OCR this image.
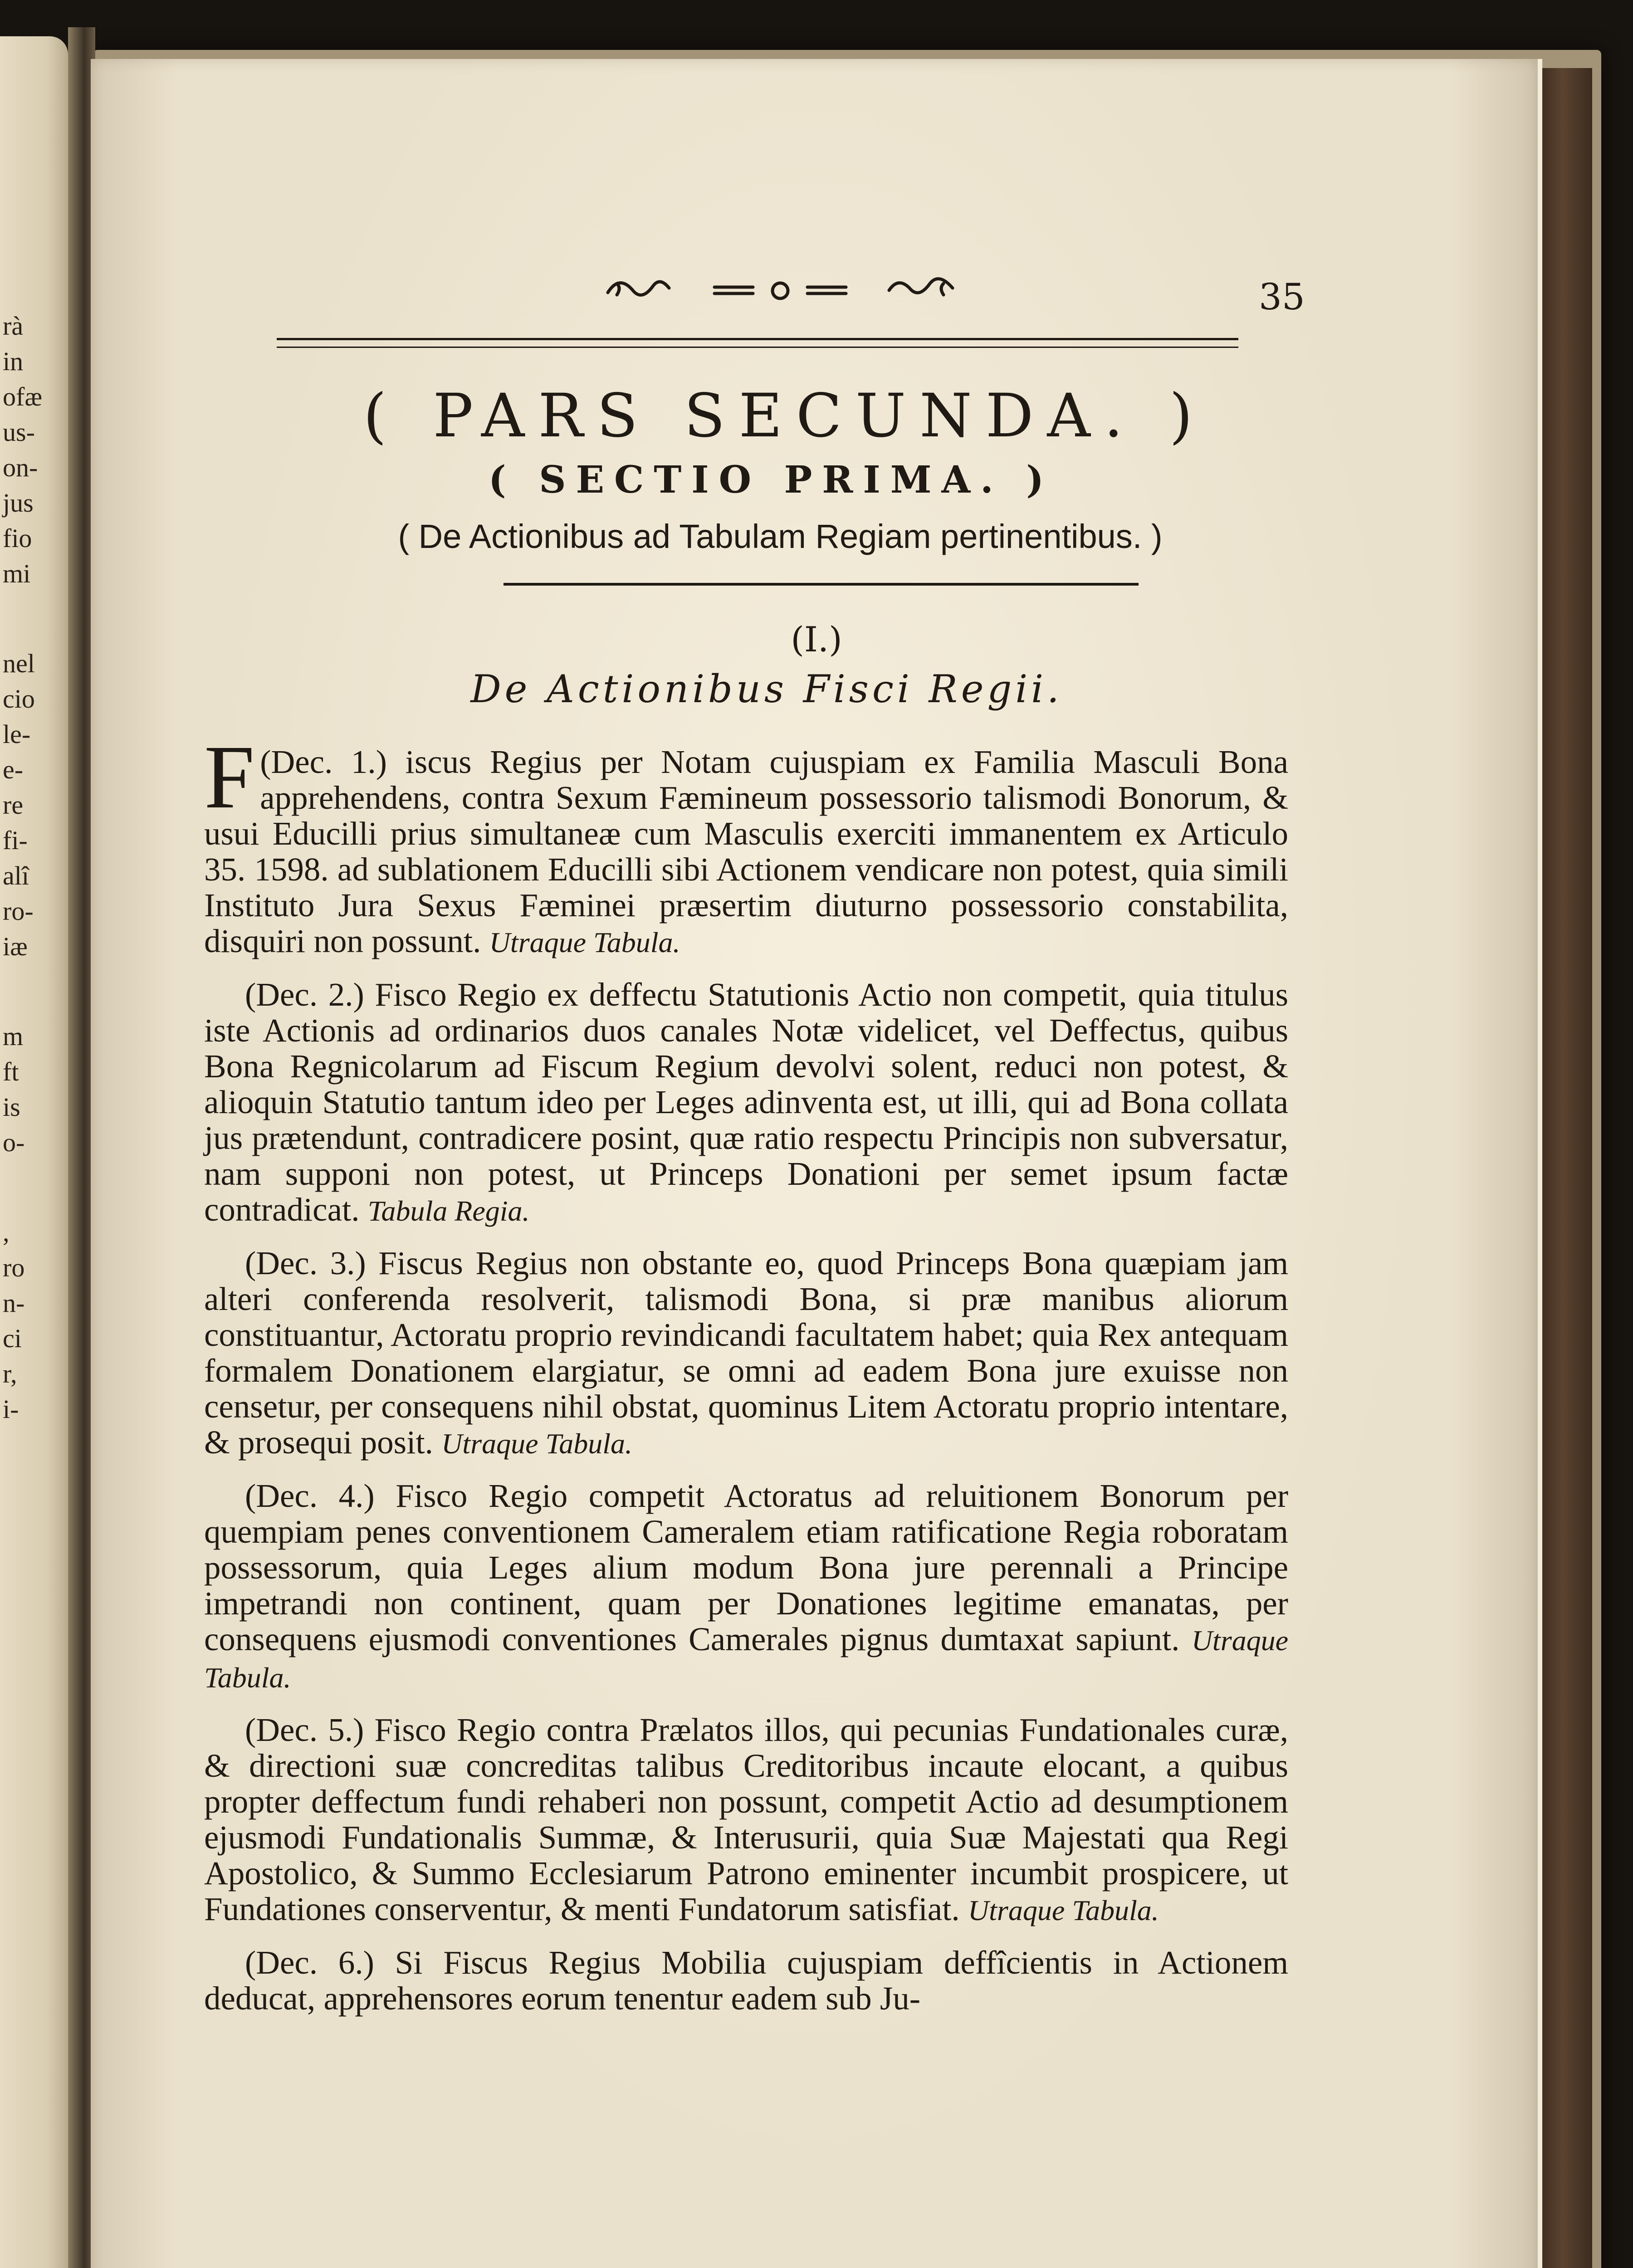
rà
in
ofæ
us-
on-
jus
fio
mi
nel
cio
le-
e-
re
fi-
alî
ro-
iæ
m
ft
is
o-
,
ro
n-
ci
r,
i-
35
( PARS SECUNDA. )
( SECTIO PRIMA. )
( De Actionibus ad Tabulam Regiam pertinentibus. )
(I.)
De Actionibus Fisci Regii.

(Dec. 1.)
F	iscus Regius per Notam cujuspiam ex Familia Masculi Bona apprehendens, contra Sexum Fæmineum possessorio talismodi Bonorum, & usui Educilli prius simultaneæ cum Masculis exerciti immanentem ex Articulo 35. 1598. ad sublationem Educilli sibi Actionem vendicare non potest, quia simili Instituto Jura Sexus Fæminei præsertim diuturno possessorio constabilita, disquiri non possunt. Utraque Tabula.

(Dec. 2.) Fisco Regio ex deffectu Statutionis Actio non competit, quia titulus iste Actionis ad ordinarios duos canales Notæ videlicet, vel Deffectus, quibus Bona Regnicolarum ad Fiscum Regium devolvi solent, reduci non potest, & alioquin Statutio tantum ideo per Leges adinventa est, ut illi, qui ad Bona collata jus prætendunt, contradicere posint, quæ ratio respectu Principis non subversatur, nam supponi non potest, ut Princeps Donationi per semet ipsum factæ contradicat. Tabula Regia.

(Dec. 3.) Fiscus Regius non obstante eo, quod Princeps Bona quæpiam jam alteri conferenda resolverit, talismodi Bona, si præ manibus aliorum constituantur, Actoratu proprio revindicandi facultatem habet; quia Rex antequam formalem Donationem elargiatur, se omni ad eadem Bona jure exuisse non censetur, per consequens nihil obstat, quominus Litem Actoratu proprio intentare, & prosequi posit. Utraque Tabula.

(Dec. 4.) Fisco Regio competit Actoratus ad reluitionem Bonorum per quempiam penes conventionem Cameralem etiam ratificatione Regia roboratam possessorum, quia Leges alium modum Bona jure perennali a Principe impetrandi non continent, quam per Donationes legitime emanatas, per consequens ejusmodi conventiones Camerales pignus dumtaxat sapiunt. Utraque Tabula.

(Dec. 5.) Fisco Regio contra Prælatos illos, qui pecunias Fundationales curæ, & directioni suæ concreditas talibus Creditoribus incaute elocant, a quibus propter deffectum fundi rehaberi non possunt, competit Actio ad desumptionem ejusmodi Fundationalis Summæ, & Interusurii, quia Suæ Majestati qua Regi Apostolico, & Summo Ecclesiarum Patrono eminenter incumbit prospicere, ut Fundationes conserventur, & menti Fundatorum satisfiat. Utraque Tabula.

(Dec. 6.) Si Fiscus Regius Mobilia cujuspiam deffîcientis in Actionem deducat, apprehensores eorum tenentur eadem sub Ju-
